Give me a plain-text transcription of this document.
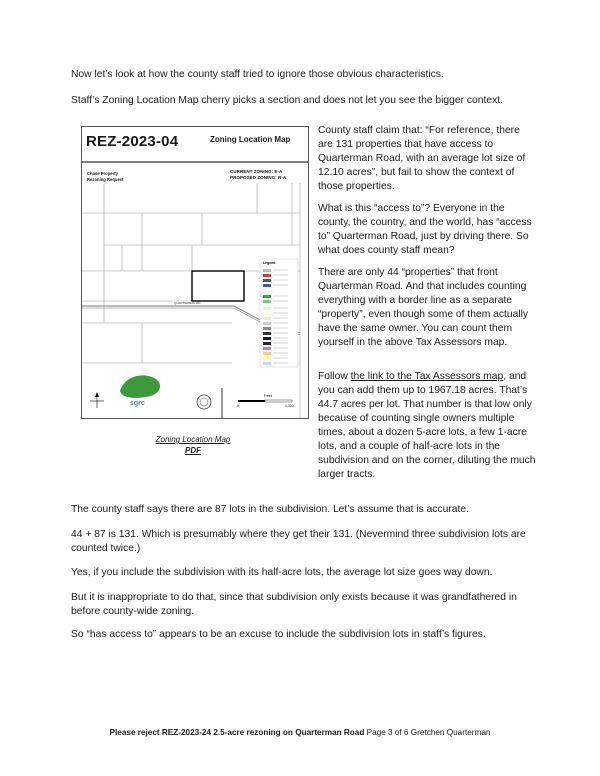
Now let’s look at how the county staff tried to ignore those obvious characteristics.

Staff’s Zoning Location Map cherry picks a section and does not let you see the bigger context.

REZ-2023-04	Zoning Location Map
Chase Property
Rezoning Request
CURRENT ZONING: E-A
PROPOSED ZONING: R-A
QUARTERMAN RD
Legend
sgrc
Feet
0	1,300
Zoning Location Map
PDF

County staff claim that: “For reference, there are 131 properties that have access to Quarterman Road, with an average lot size of 12.10 acres”, but fail to show the context of those properties.

What is this “access to”? Everyone in the county, the country, and the world, has “access to” Quarterman Road, just by driving there. So what does county staff mean?

There are only 44 “properties” that front Quarterman Road. And that includes counting everything with a border line as a separate “property”, even though some of them actually have the same owner. You can count them yourself in the above Tax Assessors map.

Follow the link to the Tax Assessors map, and you can add them up to 1967.18 acres. That’s 44.7 acres per lot. That number is that low only because of counting single owners multiple times, about a dozen 5-acre lots, a few 1-acre lots, and a couple of half-acre lots in the subdivision and on the corner, diluting the much larger tracts.

The county staff says there are 87 lots in the subdivision. Let’s assume that is accurate.

44 + 87 is 131. Which is presumably where they get their 131. (Nevermind three subdivision lots are counted twice.)

Yes, if you include the subdivision with its half-acre lots, the average lot size goes way down.

But it is inappropriate to do that, since that subdivision only exists because it was grandfathered in before county-wide zoning.

So “has access to” appears to be an excuse to include the subdivision lots in staff’s figures.

Please reject REZ-2023-24 2.5-acre rezoning on Quarterman Road Page 3 of 6 Gretchen Quarterman
